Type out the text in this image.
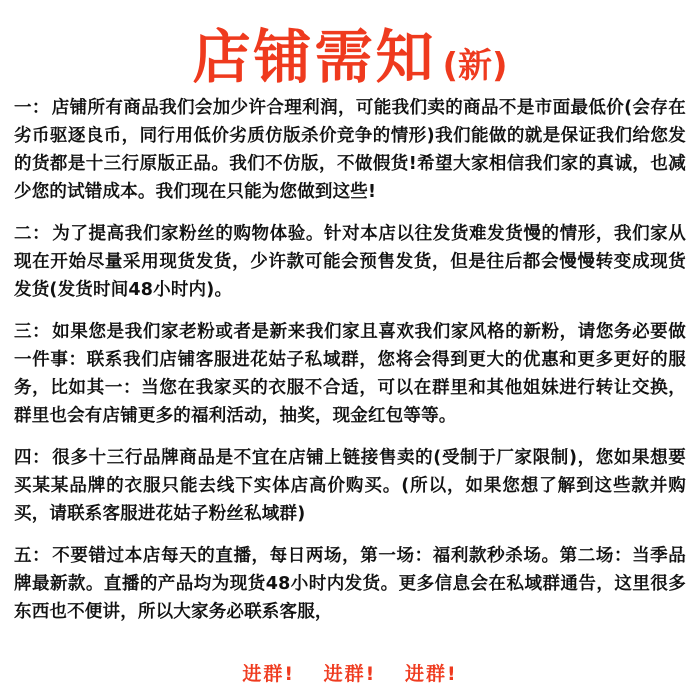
店铺需知 (新)

一： 店铺所有商品我们会加少许合理利润，可能我们卖的商品不是市面最低价(会存在劣币驱逐良币，同行用低价劣质仿版杀价竞争的情形)我们能做的就是保证我们给您发的货都是十三行原版正品。我们不仿版，不做假货!希望大家相信我们家的真诚，也减少您的试错成本。我们现在只能为您做到这些!

二： 为了提高我们家粉丝的购物体验。针对本店以往发货难发货慢的情形，我们家从现在开始尽量采用现货发货，少许款可能会预售发货，但是往后都会慢慢转变成现货发货(发货时间48小时内)。

三： 如果您是我们家老粉或者是新来我们家且喜欢我们家风格的新粉，请您务必要做一件事：联系我们店铺客服进花姑子私域群，您将会得到更大的优惠和更多更好的服务，比如其一：当您在我家买的衣服不合适，可以在群里和其他姐妹进行转让交换，群里也会有店铺更多的福利活动，抽奖，现金红包等等。

四： 很多十三行品牌商品是不宜在店铺上链接售卖的(受制于厂家限制)，您如果想要买某某品牌的衣服只能去线下实体店高价购买。(所以，如果您想了解到这些款并购买，请联系客服进花姑子粉丝私域群)

五： 不要错过本店每天的直播，每日两场，第一场：福利款秒杀场。第二场：当季品牌最新款。直播的产品均为现货48小时内发货。更多信息会在私域群通告，这里很多东西也不便讲，所以大家务必联系客服，

进群! 进群! 进群!
